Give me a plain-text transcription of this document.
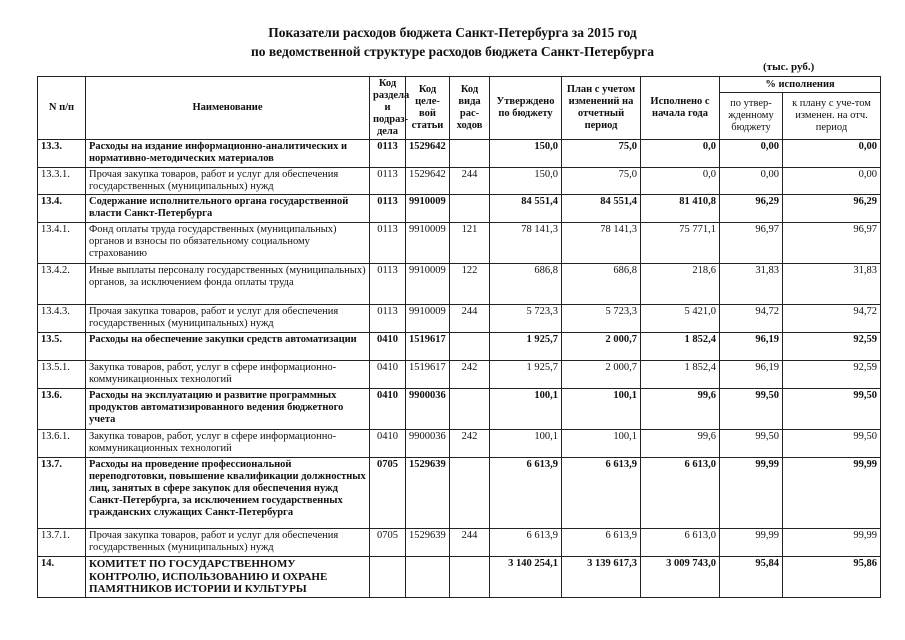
Показатели расходов бюджета Санкт-Петербурга за 2015 год
по ведомственной структуре расходов бюджета Санкт-Петербурга
(тыс. руб.)
N п/п	Наименование	Код раздела и подраз-дела	Код целе-вой статьи	Код вида рас-ходов	Утверждено по бюджету	План с учетом изменений на отчетный период	Исполнено с начала года	% исполнения	
								по утвер-жденному бюджету	к плану с уче-том изменен. на отч. период
13.3.	Расходы на издание информационно-аналитических и нормативно-методических материалов	0113	1529642		150,0	75,0	0,0	0,00	0,00
13.3.1.	Прочая закупка товаров, работ и услуг для обеспечения государственных (муниципальных) нужд	0113	1529642	244	150,0	75,0	0,0	0,00	0,00
13.4.	Содержание исполнительного органа государственной власти Санкт-Петербурга	0113	9910009		84 551,4	84 551,4	81 410,8	96,29	96,29
13.4.1.	Фонд оплаты труда государственных (муниципальных) органов и взносы по обязательному социальному страхованию	0113	9910009	121	78 141,3	78 141,3	75 771,1	96,97	96,97
13.4.2.	Иные выплаты персоналу государственных (муниципальных) органов, за исключением фонда оплаты труда	0113	9910009	122	686,8	686,8	218,6	31,83	31,83
13.4.3.	Прочая закупка товаров, работ и услуг для обеспечения государственных (муниципальных) нужд	0113	9910009	244	5 723,3	5 723,3	5 421,0	94,72	94,72
13.5.	Расходы на обеспечение закупки средств автоматизации	0410	1519617		1 925,7	2 000,7	1 852,4	96,19	92,59
13.5.1.	Закупка товаров, работ, услуг в сфере информационно-коммуникационных технологий	0410	1519617	242	1 925,7	2 000,7	1 852,4	96,19	92,59
13.6.	Расходы на эксплуатацию и развитие программных продуктов автоматизированного ведения бюджетного учета	0410	9900036		100,1	100,1	99,6	99,50	99,50
13.6.1.	Закупка товаров, работ, услуг в сфере информационно-коммуникационных технологий	0410	9900036	242	100,1	100,1	99,6	99,50	99,50
13.7.	Расходы на проведение профессиональной переподготовки, повышение квалификации должностных лиц, занятых в сфере закупок для обеспечения нужд Санкт-Петербурга, за исключением государственных гражданских служащих Санкт-Петербурга	0705	1529639		6 613,9	6 613,9	6 613,0	99,99	99,99
13.7.1.	Прочая закупка товаров, работ и услуг для обеспечения государственных (муниципальных) нужд	0705	1529639	244	6 613,9	6 613,9	6 613,0	99,99	99,99
14.	КОМИТЕТ ПО ГОСУДАРСТВЕННОМУ КОНТРОЛЮ, ИСПОЛЬЗОВАНИЮ И ОХРАНЕ ПАМЯТНИКОВ ИСТОРИИ И КУЛЬТУРЫ				3 140 254,1	3 139 617,3	3 009 743,0	95,84	95,86
